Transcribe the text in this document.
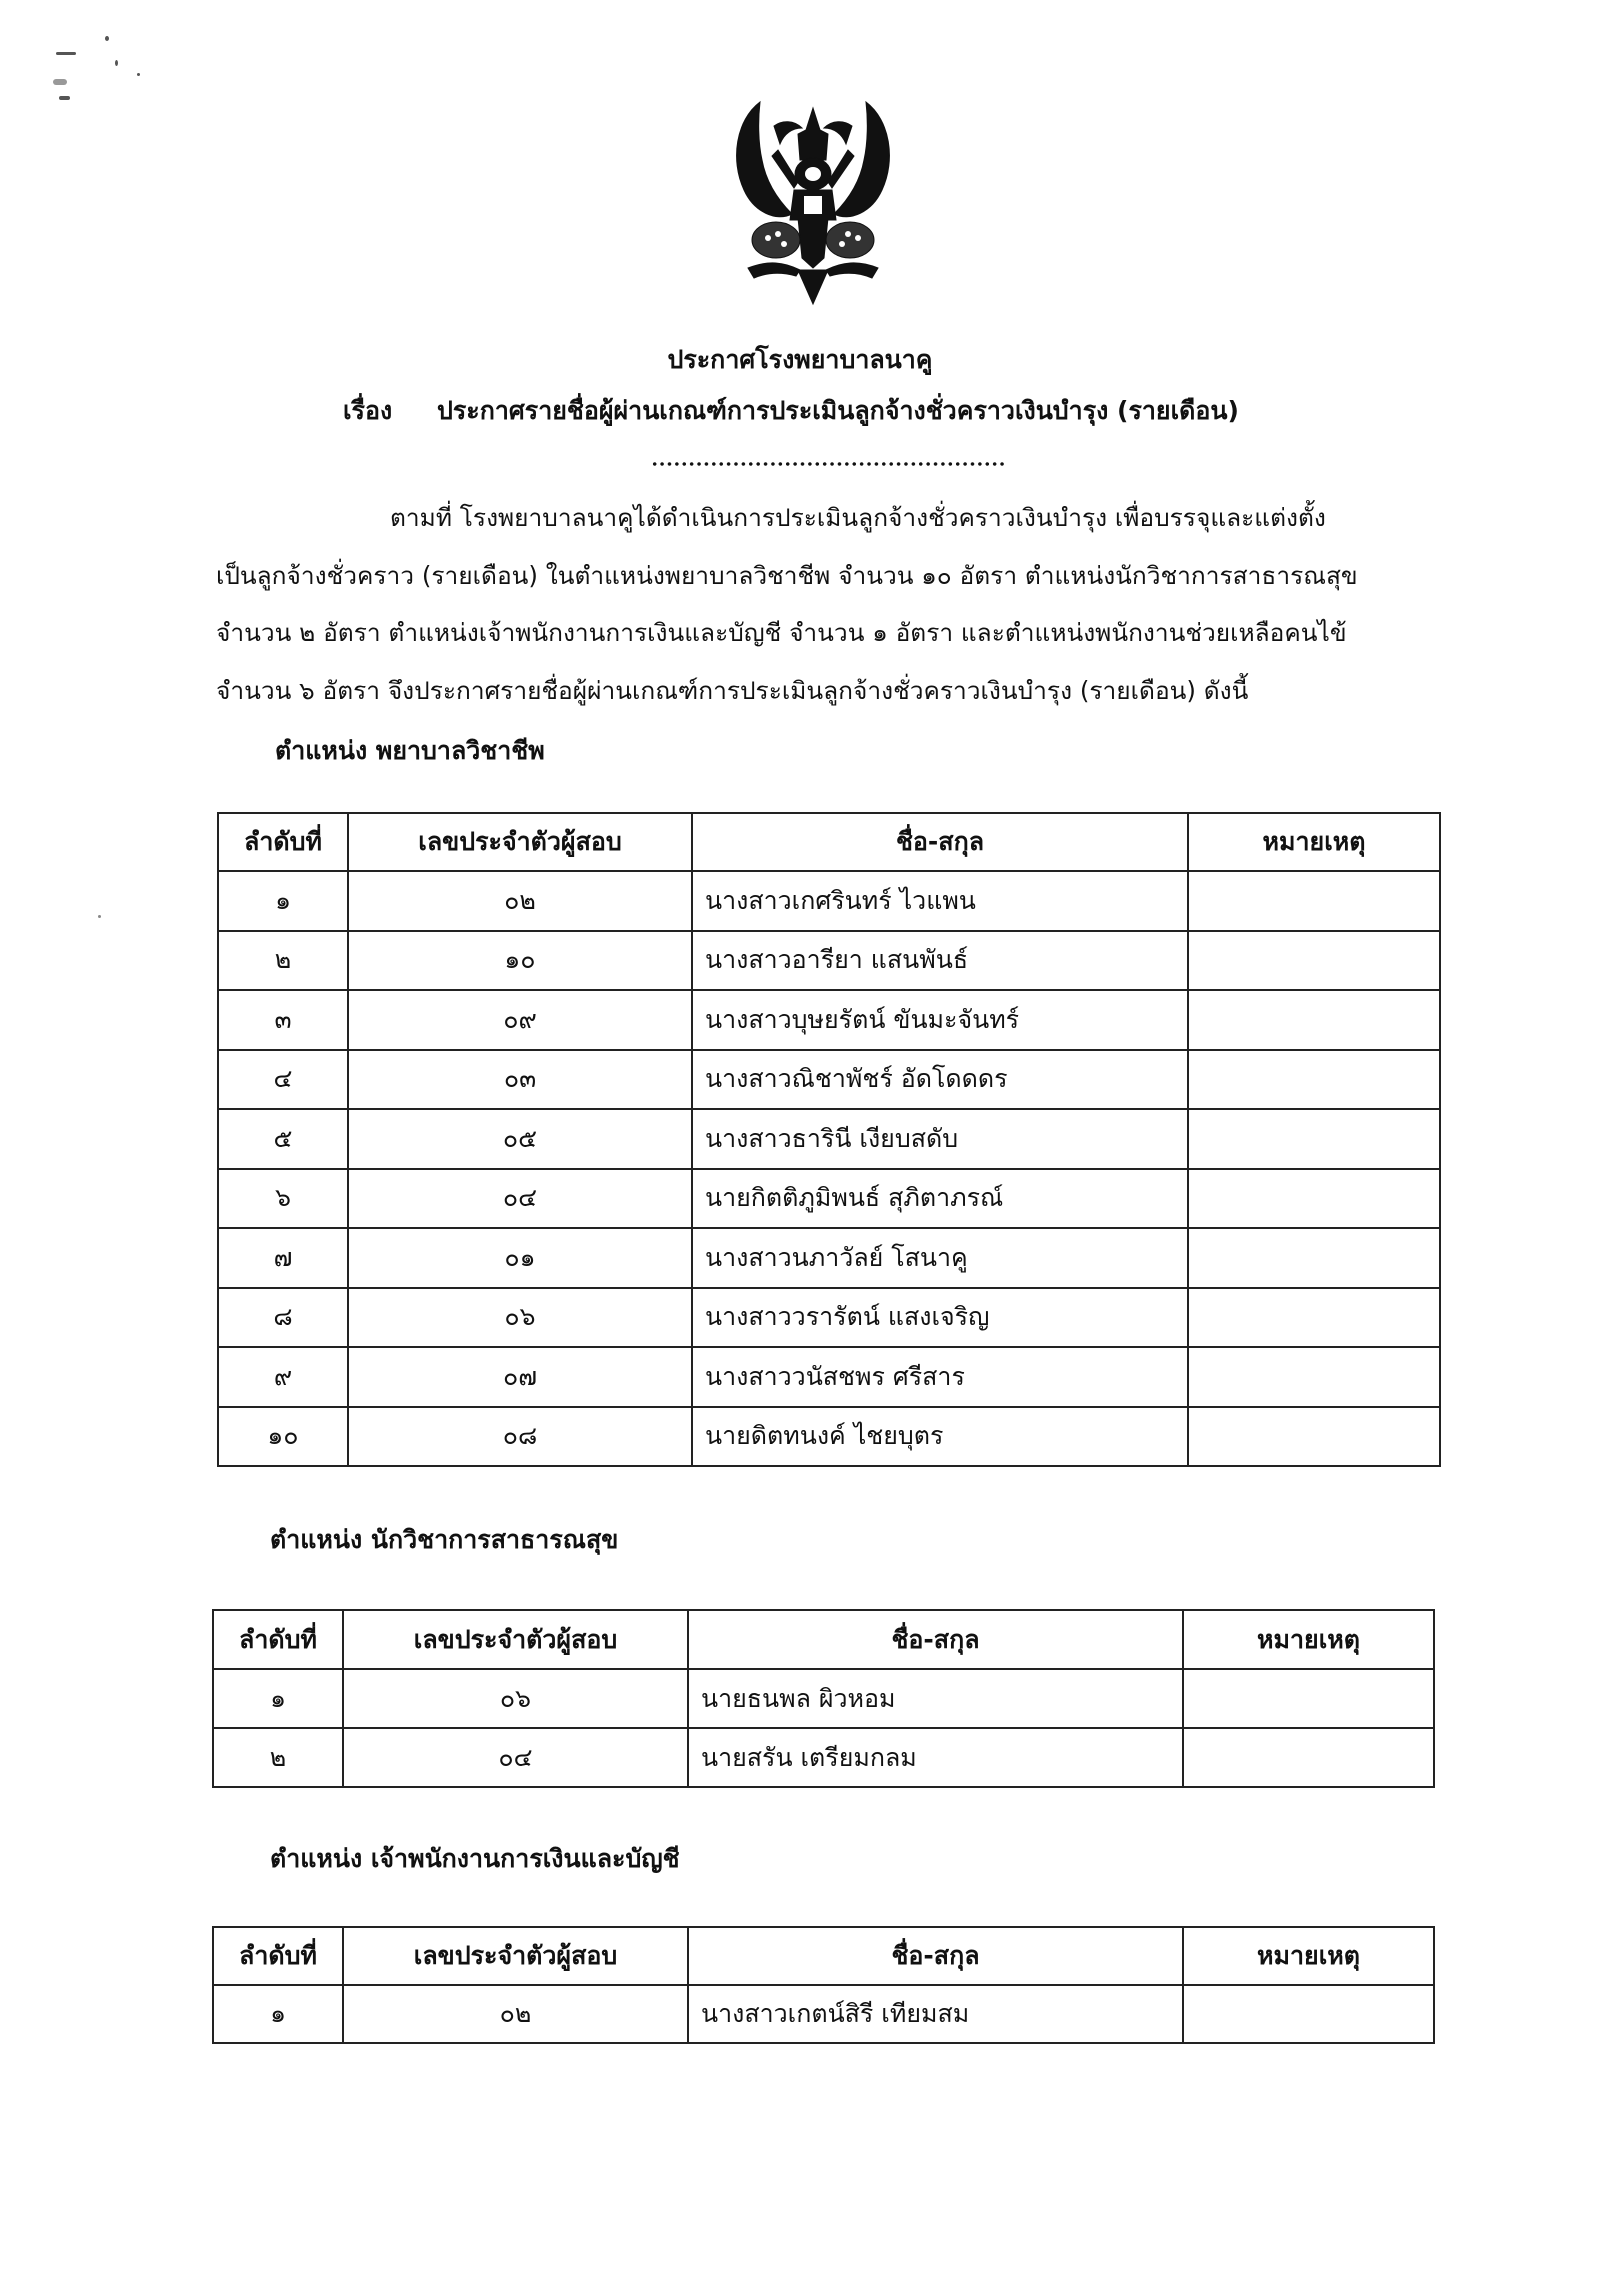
ประกาศโรงพยาบาลนาคู
เรื่อง ประกาศรายชื่อผู้ผ่านเกณฑ์การประเมินลูกจ้างชั่วคราวเงินบำรุง (รายเดือน)
ตามที่ โรงพยาบาลนาคูได้ดำเนินการประเมินลูกจ้างชั่วคราวเงินบำรุง เพื่อบรรจุและแต่งตั้ง
เป็นลูกจ้างชั่วคราว (รายเดือน) ในตำแหน่งพยาบาลวิชาชีพ จำนวน ๑๐ อัตรา ตำแหน่งนักวิชาการสาธารณสุข
จำนวน ๒ อัตรา ตำแหน่งเจ้าพนักงานการเงินและบัญชี จำนวน ๑ อัตรา และตำแหน่งพนักงานช่วยเหลือคนไข้
จำนวน ๖ อัตรา จึงประกาศรายชื่อผู้ผ่านเกณฑ์การประเมินลูกจ้างชั่วคราวเงินบำรุง (รายเดือน) ดังนี้
ตำแหน่ง พยาบาลวิชาชีพ
ลำดับที่	เลขประจำตัวผู้สอบ	ชื่อ-สกุล	หมายเหตุ
๑	๐๒	นางสาวเกศรินทร์ ไวแพน	
๒	๑๐	นางสาวอารียา แสนพันธ์	
๓	๐๙	นางสาวบุษยรัตน์ ขันมะจันทร์	
๔	๐๓	นางสาวณิชาพัชร์ อัดโดดดร	
๕	๐๕	นางสาวธารินี เงียบสดับ	
๖	๐๔	นายกิตติภูมิพนธ์ สุภิตาภรณ์	
๗	๐๑	นางสาวนภาวัลย์ โสนาคู	
๘	๐๖	นางสาววรารัตน์ แสงเจริญ	
๙	๐๗	นางสาววนัสชพร ศรีสาร	
๑๐	๐๘	นายดิตทนงค์ ไชยบุตร	
ตำแหน่ง นักวิชาการสาธารณสุข
ลำดับที่	เลขประจำตัวผู้สอบ	ชื่อ-สกุล	หมายเหตุ
๑	๐๖	นายธนพล ผิวหอม	
๒	๐๔	นายสรัน เตรียมกลม	
ตำแหน่ง เจ้าพนักงานการเงินและบัญชี
ลำดับที่	เลขประจำตัวผู้สอบ	ชื่อ-สกุล	หมายเหตุ
๑	๐๒	นางสาวเกตน์สิรี เทียมสม	
